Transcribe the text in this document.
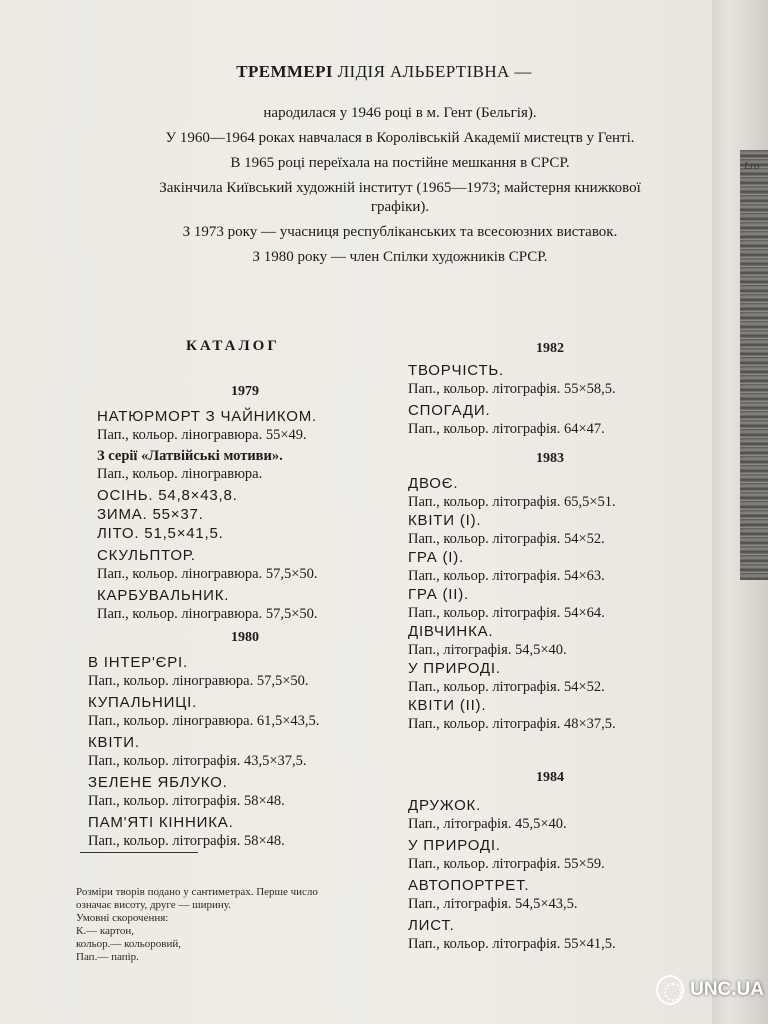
Lro
ТРЕММЕРІ ЛІДІЯ АЛЬБЕРТІВНА —

народилася у 1946 році в м. Гент (Бельгія).

У 1960—1964 роках навчалася в Королівській Академії мистецтв у Генті.

В 1965 році переїхала на постійне мешкання в СРСР.

Закінчила Київський художній інститут (1965—1973; майстерня книжкової графіки).

З 1973 року — учасниця республіканських та всесоюзних виставок.

З 1980 року — член Спілки художників СРСР.

КАТАЛОГ
1979
НАТЮРМОРТ З ЧАЙНИКОМ.
Пап., кольор. ліногравюра. 55×49.
З серії «Латвійські мотиви».
Пап., кольор. ліногравюра.
ОСІНЬ. 54,8×43,8.
ЗИМА. 55×37.
ЛІТО. 51,5×41,5.
СКУЛЬПТОР.
Пап., кольор. ліногравюра. 57,5×50.
КАРБУВАЛЬНИК.
Пап., кольор. ліногравюра. 57,5×50.
1980
В ІНТЕР'ЄРІ.
Пап., кольор. ліногравюра. 57,5×50.
КУПАЛЬНИЦІ.
Пап., кольор. ліногравюра. 61,5×43,5.
КВІТИ.
Пап., кольор. літографія. 43,5×37,5.
ЗЕЛЕНЕ ЯБЛУКО.
Пап., кольор. літографія. 58×48.
ПАМ'ЯТІ КІННИКА.
Пап., кольор. літографія. 58×48.
Розміри творів подано у сантиметрах. Перше число
означає висоту, друге — ширину.
Умовні скорочення:
К.— картон,
кольор.— кольоровий,
Пап.— папір.
1982
ТВОРЧІСТЬ.
Пап., кольор. літографія. 55×58,5.
СПОГАДИ.
Пап., кольор. літографія. 64×47.
1983
ДВОЄ.
Пап., кольор. літографія. 65,5×51.
КВІТИ (І).
Пап., кольор. літографія. 54×52.
ГРА (І).
Пап., кольор. літографія. 54×63.
ГРА (ІІ).
Пап., кольор. літографія. 54×64.
ДІВЧИНКА.
Пап., літографія. 54,5×40.
У ПРИРОДІ.
Пап., кольор. літографія. 54×52.
КВІТИ (ІІ).
Пап., кольор. літографія. 48×37,5.
1984
ДРУЖОК.
Пап., літографія. 45,5×40.
У ПРИРОДІ.
Пап., кольор. літографія. 55×59.
АВТОПОРТРЕТ.
Пап., літографія. 54,5×43,5.
ЛИСТ.
Пап., кольор. літографія. 55×41,5.
UNC.UA
